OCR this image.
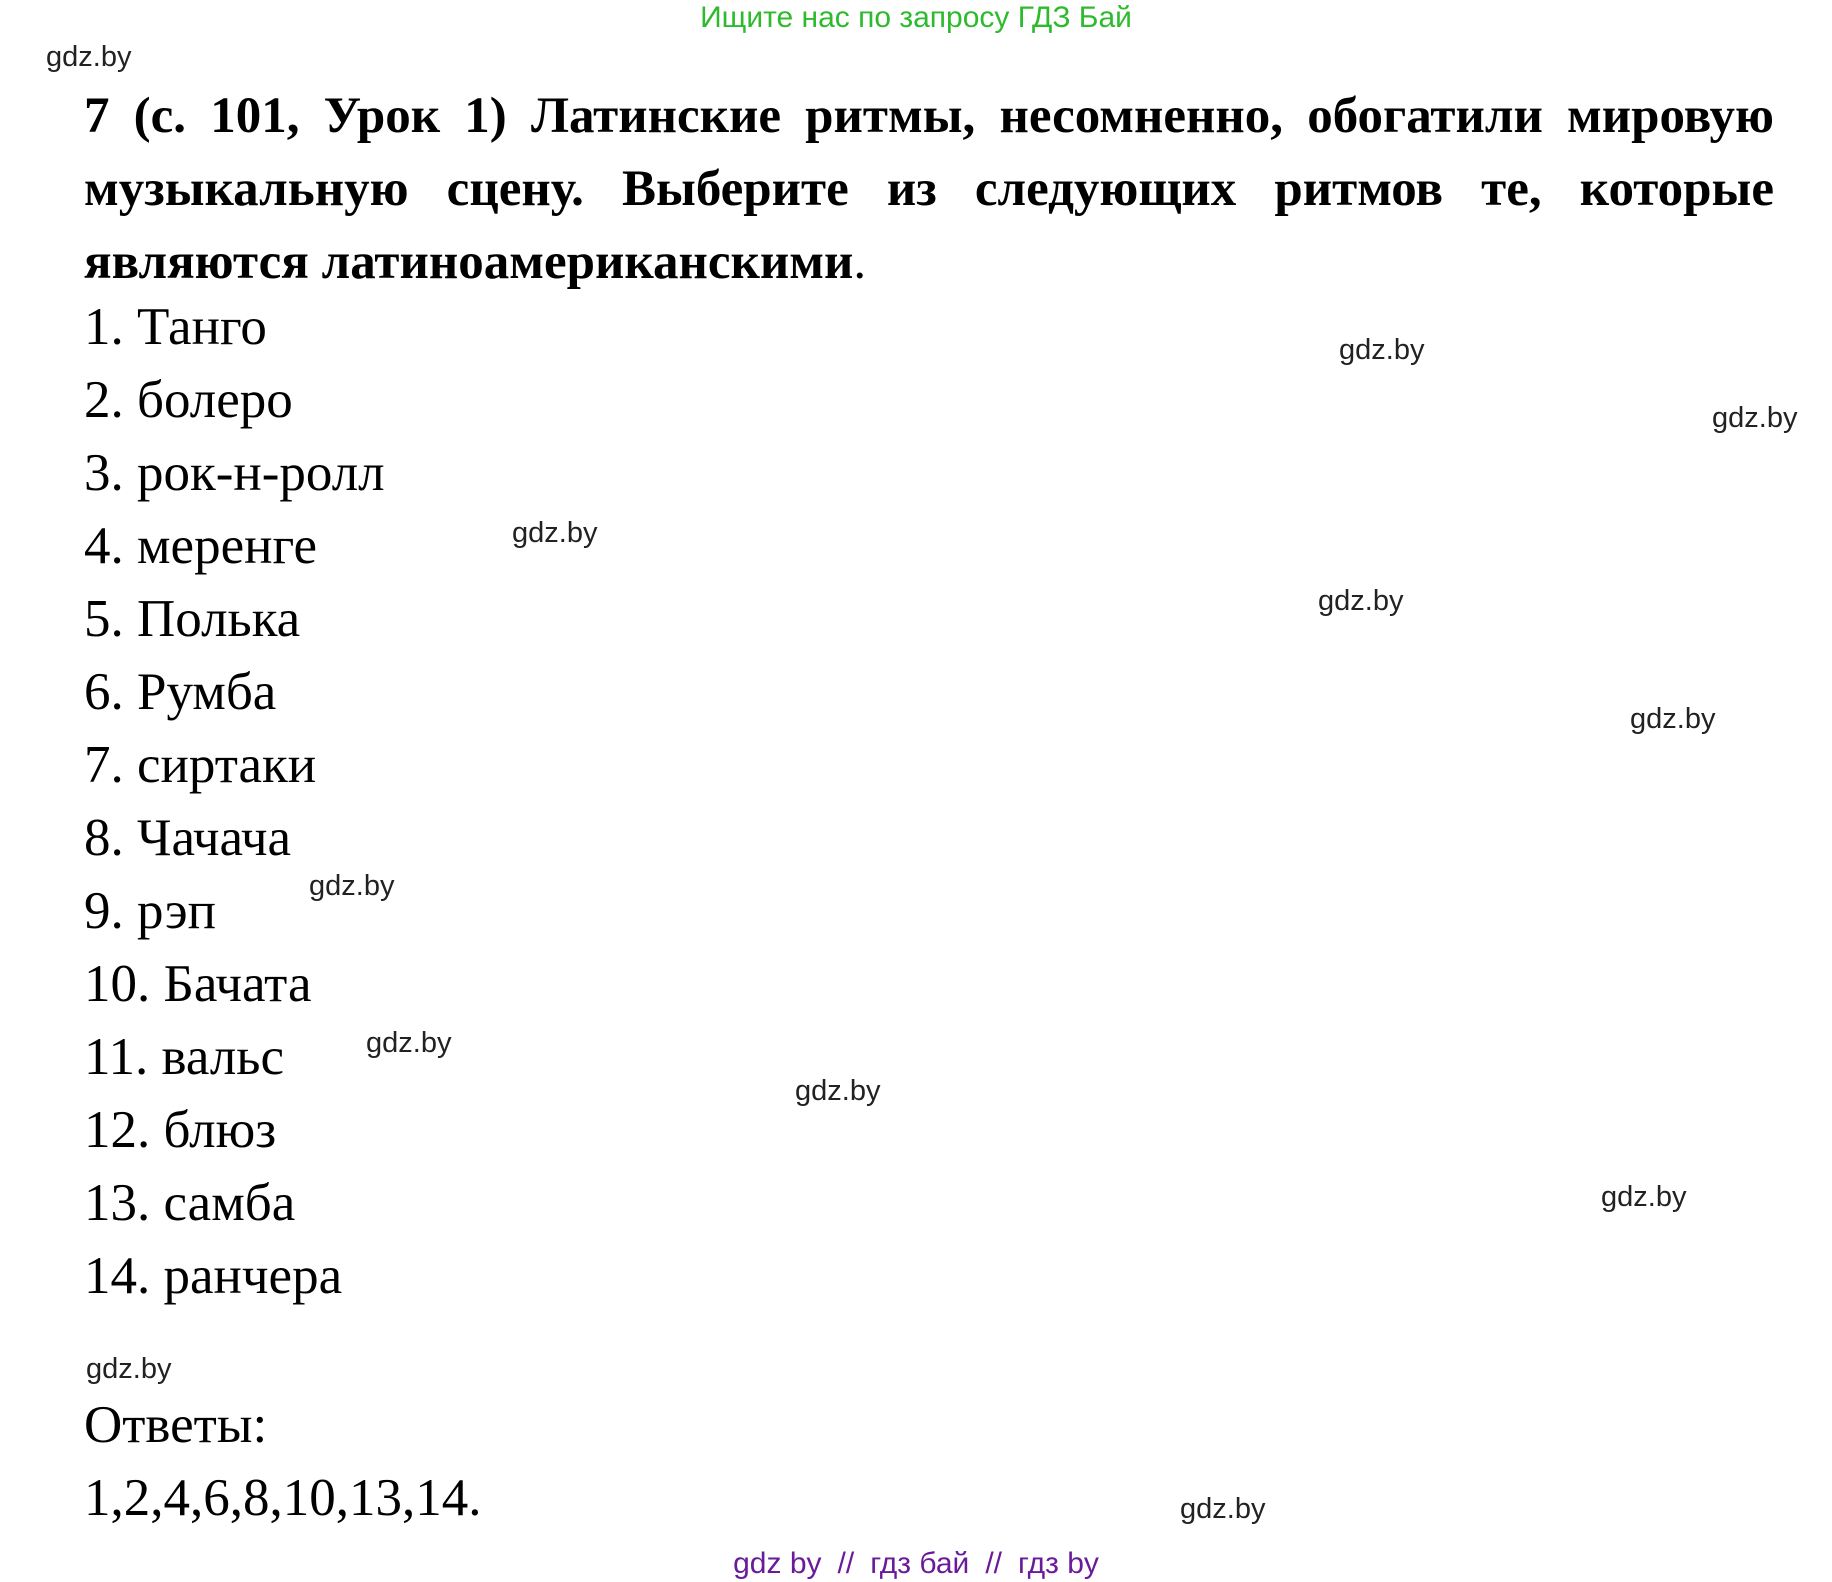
Ищите нас по запросу ГДЗ Бай
gdz.by
gdz.by
gdz.by
gdz.by
gdz.by
gdz.by
gdz.by
gdz.by
gdz.by
gdz.by
gdz.by
gdz.by
7 (с. 101, Урок 1) Латинские ритмы, несомненно, обогатили мировую музыкальную сцену. Выберите из следующих ритмов те, которые являются латиноамериканскими.
1. Танго
2. болеро
3. рок-н-ролл
4. меренге
5. Полька
6. Румба
7. сиртаки
8. Чачача
9. рэп
10. Бачата
11. вальс
12. блюз
13. самба
14. ранчера
Ответы:
1,2,4,6,8,10,13,14.
gdz by // гдз бай // гдз by
